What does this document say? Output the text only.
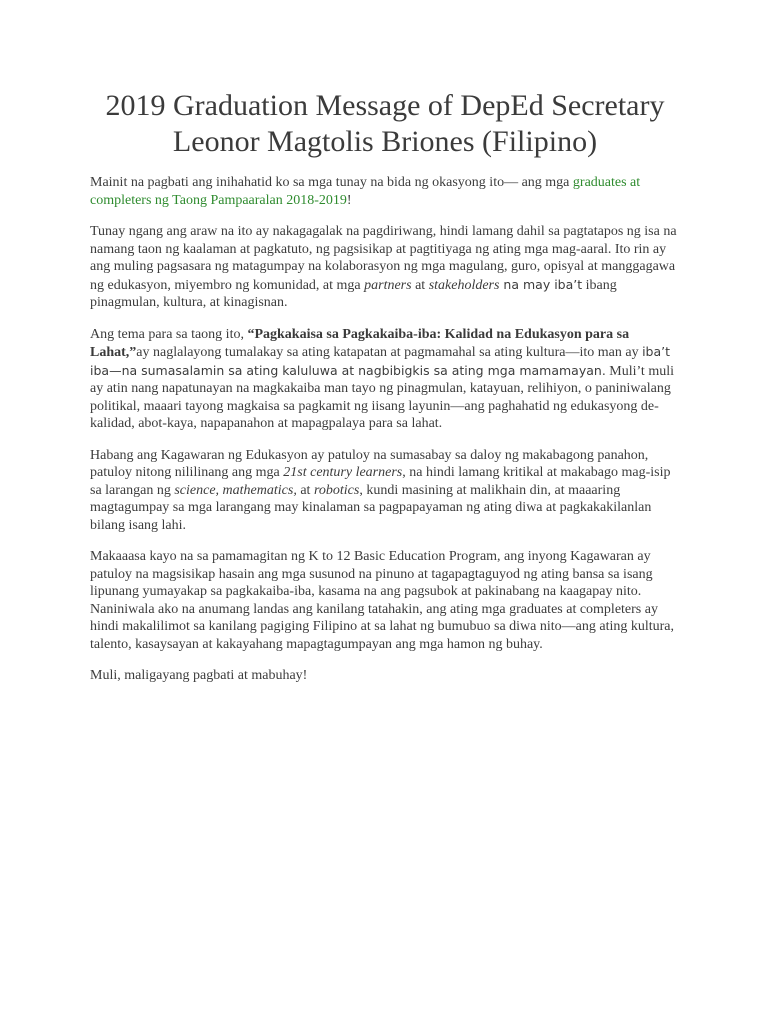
2019 Graduation Message of DepEd Secretary Leonor Magtolis Briones (Filipino)

Mainit na pagbati ang inihahatid ko sa mga tunay na bida ng okasyong ito— ang mga graduates at completers ng Taong Pampaaralan 2018-2019!

Tunay ngang ang araw na ito ay nakagagalak na pagdiriwang, hindi lamang dahil sa pagtatapos ng isa na namang taon ng kaalaman at pagkatuto, ng pagsisikap at pagtitiyaga ng ating mga mag-aaral. Ito rin ay ang muling pagsasara ng matagumpay na kolaborasyon ng mga magulang, guro, opisyal at manggagawa ng edukasyon, miyembro ng komunidad, at mga partners at stakeholders na may iba’t ibang pinagmulan, kultura, at kinagisnan.

Ang tema para sa taong ito, “Pagkakaisa sa Pagkakaiba-iba: Kalidad na Edukasyon para sa Lahat,”ay naglalayong tumalakay sa ating katapatan at pagmamahal sa ating kultura—ito man ay iba’t iba—na sumasalamin sa ating kaluluwa at nagbibigkis sa ating mga mamamayan. Muli’t muli ay atin nang napatunayan na magkakaiba man tayo ng pinagmulan, katayuan, relihiyon, o paniniwalang politikal, maaari tayong magkaisa sa pagkamit ng iisang layunin—ang paghahatid ng edukasyong de-kalidad, abot-kaya, napapanahon at mapagpalaya para sa lahat.

Habang ang Kagawaran ng Edukasyon ay patuloy na sumasabay sa daloy ng makabagong panahon, patuloy nitong nililinang ang mga 21st century learners, na hindi lamang kritikal at makabago mag-isip sa larangan ng science, mathematics, at robotics, kundi masining at malikhain din, at maaaring magtagumpay sa mga larangang may kinalaman sa pagpapayaman ng ating diwa at pagkakakilanlan bilang isang lahi.

Makaaasa kayo na sa pamamagitan ng K to 12 Basic Education Program, ang inyong Kagawaran ay patuloy na magsisikap hasain ang mga susunod na pinuno at tagapagtaguyod ng ating bansa sa isang lipunang yumayakap sa pagkakaiba-iba, kasama na ang pagsubok at pakinabang na kaagapay nito. Naniniwala ako na anumang landas ang kanilang tatahakin, ang ating mga graduates at completers ay hindi makalilimot sa kanilang pagiging Filipino at sa lahat ng bumubuo sa diwa nito—ang ating kultura, talento, kasaysayan at kakayahang mapagtagumpayan ang mga hamon ng buhay.

Muli, maligayang pagbati at mabuhay!
